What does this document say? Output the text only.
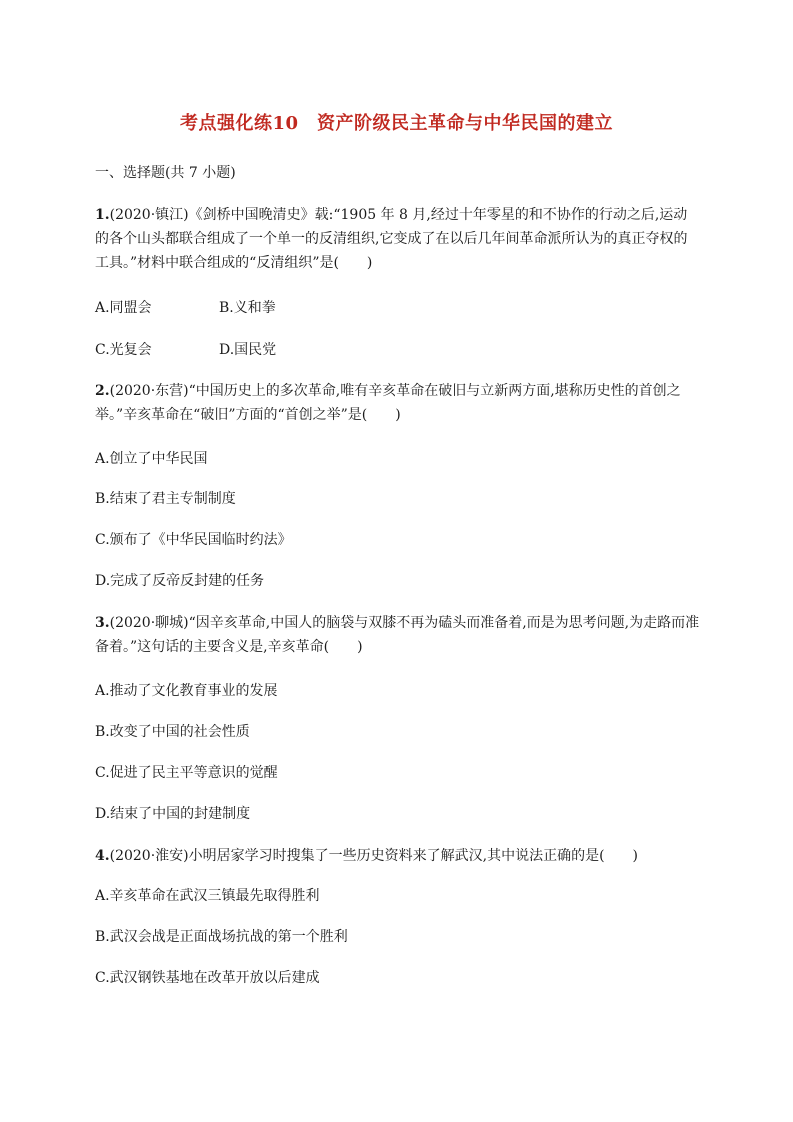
考点强化练10　资产阶级民主革命与中华民国的建立
一、选择题(共 7 小题)
1.(2020·镇江)《剑桥中国晚清史》载:“1905 年 8 月,经过十年零星的和不协作的行动之后,运动的各个山头都联合组成了一个单一的反清组织,它变成了在以后几年间革命派所认为的真正夺权的工具。”材料中联合组成的“反清组织”是(　　)
A.同盟会	B.义和拳
C.光复会	D.国民党
2.(2020·东营)“中国历史上的多次革命,唯有辛亥革命在破旧与立新两方面,堪称历史性的首创之举。”辛亥革命在“破旧”方面的“首创之举”是(　　)
A.创立了中华民国
B.结束了君主专制制度
C.颁布了《中华民国临时约法》
D.完成了反帝反封建的任务
3.(2020·聊城)“因辛亥革命,中国人的脑袋与双膝不再为磕头而准备着,而是为思考问题,为走路而准备着。”这句话的主要含义是,辛亥革命(　　)
A.推动了文化教育事业的发展
B.改变了中国的社会性质
C.促进了民主平等意识的觉醒
D.结束了中国的封建制度
4.(2020·淮安)小明居家学习时搜集了一些历史资料来了解武汉,其中说法正确的是(　　)
A.辛亥革命在武汉三镇最先取得胜利
B.武汉会战是正面战场抗战的第一个胜利
C.武汉钢铁基地在改革开放以后建成
